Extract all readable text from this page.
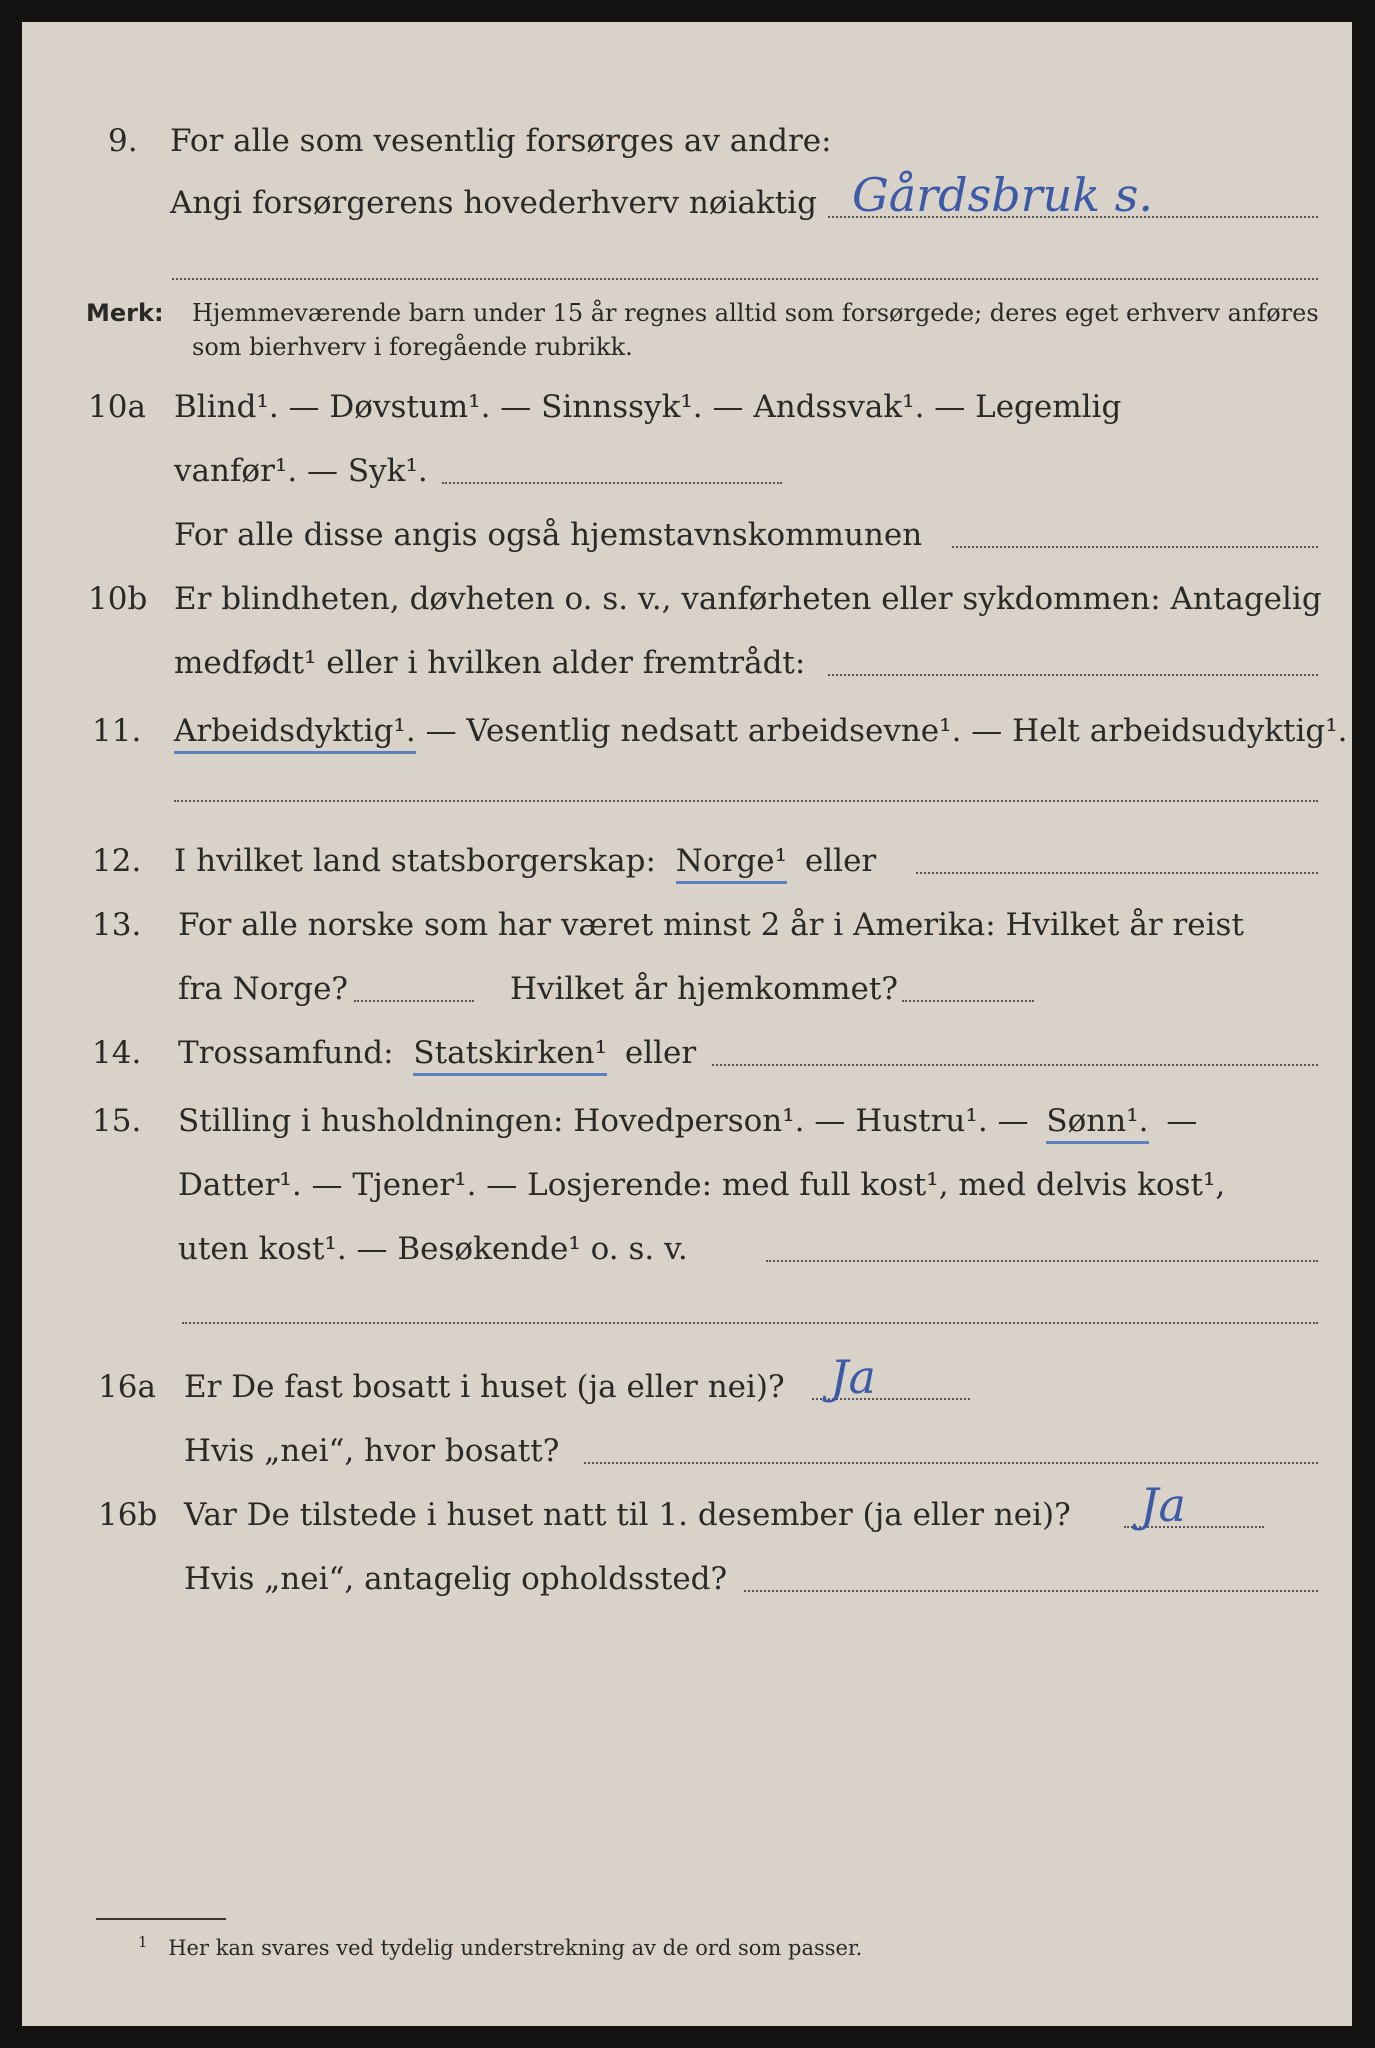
9. For alle som vesentlig forsørges av andre:
Angi forsørgerens hovederhverv nøiaktig Gårdsbruk s.
Merk: Hjemmeværende barn under 15 år regnes alltid som forsørgede; deres eget erhverv anføres som bierhverv i foregående rubrikk.
10a Blind¹. — Døvstum¹. — Sinnssyk¹. — Andssvak¹. — Legemlig
vanfør¹. — Syk¹.
For alle disse angis også hjemstavnskommunen
10b Er blindheten, døvheten o. s. v., vanførheten eller sykdommen: Antagelig
medfødt¹ eller i hvilken alder fremtrådt:
11. Arbeidsdyktig¹. — Vesentlig nedsatt arbeidsevne¹. — Helt arbeidsudyktig¹.
12. I hvilket land statsborgerskap: Norge¹ eller
13. For alle norske som har været minst 2 år i Amerika: Hvilket år reist
fra Norge?	Hvilket år hjemkommet?
14. Trossamfund: Statskirken¹ eller
15. Stilling i husholdningen: Hovedperson¹. — Hustru¹. — Sønn¹. —
Datter¹. — Tjener¹. — Losjerende: med full kost¹, med delvis kost¹,
uten kost¹. — Besøkende¹ o. s. v.
16a Er De fast bosatt i huset (ja eller nei)? Ja
Hvis „nei“, hvor bosatt?
16b Var De tilstede i huset natt til 1. desember (ja eller nei)? Ja
Hvis „nei“, antagelig opholdssted?
$^1$ Her kan svares ved tydelig understrekning av de ord som passer.
